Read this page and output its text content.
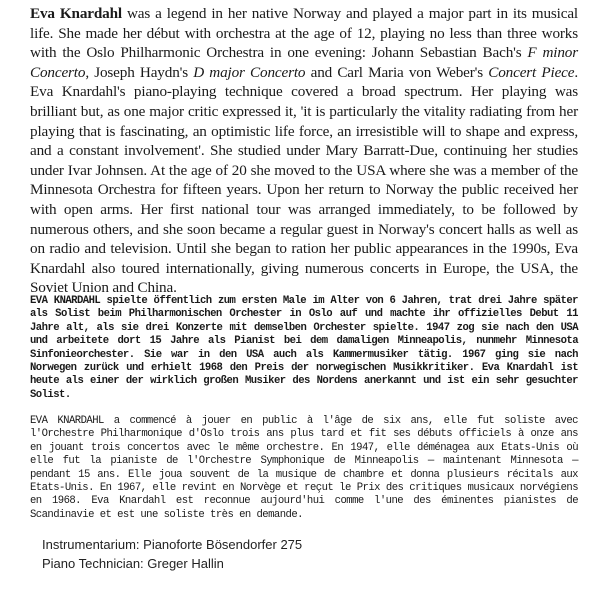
Eva Knardahl was a legend in her native Norway and played a major part in its musical life. She made her début with orchestra at the age of 12, playing no less than three works with the Oslo Philharmonic Orchestra in one evening: Johann Sebastian Bach's F minor Concerto, Joseph Haydn's D major Concerto and Carl Maria von Weber's Concert Piece. Eva Knardahl's piano-playing technique covered a broad spectrum. Her playing was brilliant but, as one major critic expressed it, 'it is particularly the vitality radiating from her playing that is fascinating, an optimistic life force, an irresistible will to shape and express, and a constant involvement'. She studied under Mary Barratt-Due, continuing her studies under Ivar Johnsen. At the age of 20 she moved to the USA where she was a member of the Minnesota Orchestra for fifteen years. Upon her return to Norway the public received her with open arms. Her first national tour was arranged immediately, to be followed by numerous others, and she soon became a regular guest in Norway's concert halls as well as on radio and television. Until she began to ration her public appearances in the 1990s, Eva Knardahl also toured internationally, giving numerous concerts in Europe, the USA, the Soviet Union and China.

EVA KNARDAHL spielte öffentlich zum ersten Male im Alter von 6 Jahren, trat drei Jahre später als Solist beim Philharmonischen Orchester in Oslo auf und machte ihr offizielles Debut 11 Jahre alt, als sie drei Konzerte mit demselben Orchester spielte. 1947 zog sie nach den USA und arbeitete dort 15 Jahre als Pianist bei dem damaligen Minneapolis, nunmehr Minnesota Sinfonieorchester. Sie war in den USA auch als Kammermusiker tätig. 1967 ging sie nach Norwegen zurück und erhielt 1968 den Preis der norwegischen Musikkritiker. Eva Knardahl ist heute als einer der wirklich großen Musiker des Nordens anerkannt und ist ein sehr gesuchter Solist.

EVA KNARDAHL a commencé à jouer en public à l'âge de six ans, elle fut soliste avec l'Orchestre Philharmonique d'Oslo trois ans plus tard et fit ses débuts officiels à onze ans en jouant trois concertos avec le même orchestre. En 1947, elle déménagea aux Etats-Unis où elle fut la pianiste de l'Orchestre Symphonique de Minneapolis — maintenant Minnesota — pendant 15 ans. Elle joua souvent de la musique de chambre et donna plusieurs récitals aux Etats-Unis. En 1967, elle revint en Norvège et reçut le Prix des critiques musicaux norvégiens en 1968. Eva Knardahl est reconnue aujourd'hui comme l'une des éminentes pianistes de Scandinavie et est une soliste très en demande.

Instrumentarium: Pianoforte Bösendorfer 275
Piano Technician: Greger Hallin
